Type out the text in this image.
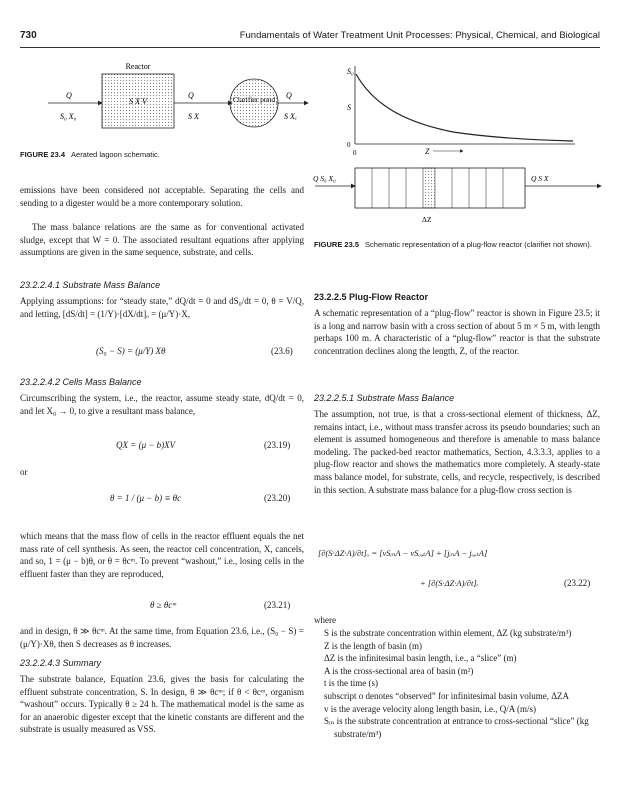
730	Fundamentals of Water Treatment Unit Processes: Physical, Chemical, and Biological
Reactor
S X V
Q
S₀ X₀
Q
S X
Clarifier pond Q
S Xₑ
FIGURE 23.4 Aerated lagoon schematic.
S₀
S
0
0	Z
Q S₀ X₀	Q S X
ΔZ
FIGURE 23.5 Schematic representation of a plug-flow reactor (clarifier not shown).
emissions have been considered not acceptable. Separating the cells and sending to a digester would be a more contemporary solution.
The mass balance relations are the same as for conventional activated sludge, except that W = 0. The associated resultant equations after applying assumptions are given in the same sequence, substrate, and cells.
23.2.2.4.1 Substrate Mass Balance
Applying assumptions: for “steady state,” dQ/dt = 0 and dS₀/dt = 0, θ = V/Q, and letting, [dS/dt] = (1/Y)·[dX/dt]ₒ = (μ/Y)·X,
(S₀ − S) = (μ/Y) Xθ	(23.6)
23.2.2.4.2 Cells Mass Balance
Circumscribing the system, i.e., the reactor, assume steady state, dQ/dt = 0, and let X₀ → 0, to give a resultant mass balance,
QX = (μ − b)XV	(23.19)
or
θ = 1 / (μ − b) ≡ θc	(23.20)
which means that the mass flow of cells in the reactor effluent equals the net mass rate of cell synthesis. As seen, the reactor cell concentration, X, cancels, and so, 1 = (μ − b)θ, or θ = θcᵐ. To prevent “washout,” i.e., losing cells in the effluent faster than they are reproduced,
θ ≥ θcᵐ	(23.21)
and in design, θ ≫ θcᵐ. At the same time, from Equation 23.6, i.e., (S₀ − S) = (μ/Y)·Xθ, then S decreases as θ increases.
23.2.2.4.3 Summary
The substrate balance, Equation 23.6, gives the basis for calculating the effluent substrate concentration, S. In design, θ ≫ θcᵐ; if θ < θcᵐ, organism “washout” occurs. Typically θ ≥ 24 h. The mathematical model is the same as for an anaerobic digester except that the kinetic constants are different and the substrate is usually measured as VSS.
23.2.2.5 Plug-Flow Reactor
A schematic representation of a “plug-flow” reactor is shown in Figure 23.5; it is a long and narrow basin with a cross section of about 5 m × 5 m, with length perhaps 100 m. A characteristic of a “plug-flow” reactor is that the substrate concentration declines along the length, Z, of the reactor.
23.2.2.5.1 Substrate Mass Balance
The assumption, not true, is that a cross-sectional element of thickness, ΔZ, remains intact, i.e., without mass transfer across its pseudo boundaries; such an element is assumed homogeneous and therefore is amenable to mass balance modeling. The packed-bed reactor mathematics, Section, 4.3.3.3, applies to a plug-flow reactor and shows the mathematics more completely. A steady-state mass balance model, for substrate, cells, and recycle, respectively, is described in this section. A substrate mass balance for a plug-flow cross section is
[∂(S·ΔZ·A)/∂t]ₒ = [vSᵢₙA − vSₒᵤₜA] + [jᵢₙA − jₒᵤₜA]
+ [∂(S·ΔZ·A)/∂t]ᵣ	(23.22)
where
S is the substrate concentration within element, ΔZ (kg substrate/m³)
Z is the length of basin (m)
ΔZ is the infinitesimal basin length, i.e., a “slice” (m)
A is the cross-sectional area of basin (m²)
t is the time (s)
subscript o denotes “observed” for infinitesimal basin volume, ΔZA
v is the average velocity along length basin, i.e., Q/A (m/s)
Sᵢₙ is the substrate concentration at entrance to cross-sectional “slice” (kg substrate/m³)
